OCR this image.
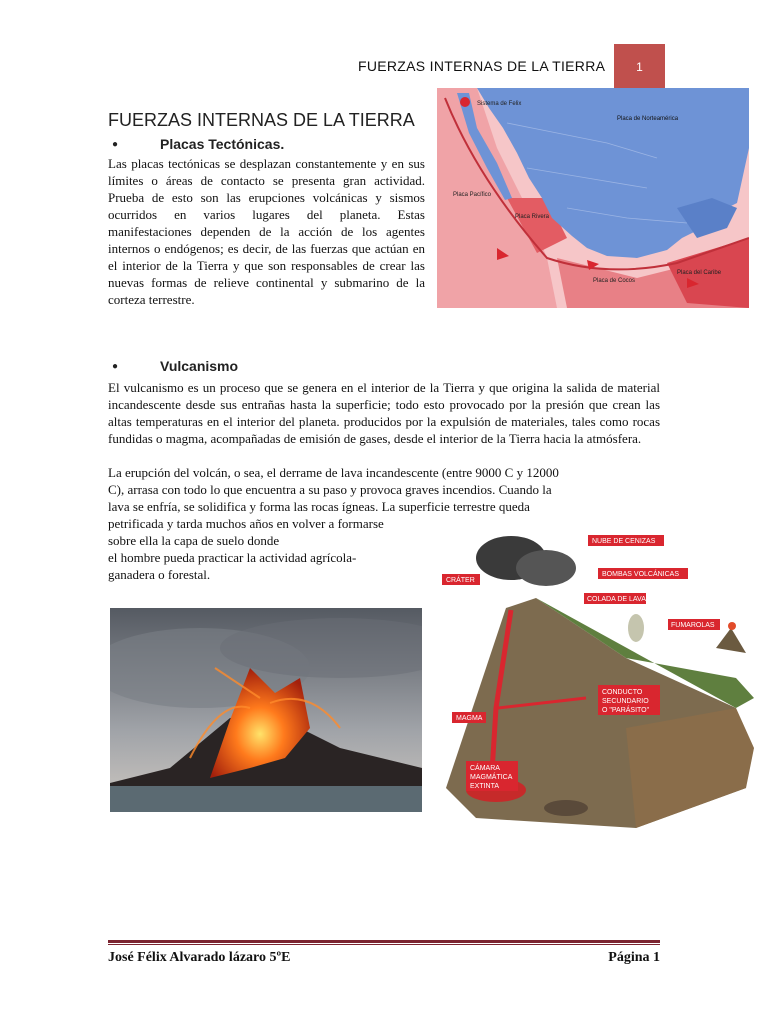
FUERZAS INTERNAS DE LA TIERRA	1
FUERZAS INTERNAS DE LA TIERRA
●	Placas Tectónicas.
Las placas tectónicas se desplazan constantemente y en sus límites o áreas de contacto se presenta gran actividad. Prueba de esto son las erupciones volcánicas y sismos ocurridos en varios lugares del planeta. Estas manifestaciones dependen de la acción de los agentes internos o endógenos; es decir, de las fuerzas que actúan en el interior de la Tierra y que son responsables de crear las nuevas formas de relieve continental y submarino de la corteza terrestre.
Sistema de Felix
Placa de Norteamérica
Placa Pacífico
Placa Rivera
Placa de Cocos
Placa del Caribe
●	Vulcanismo
El vulcanismo es un proceso que se genera en el interior de la Tierra y que origina la salida de material incandescente desde sus entrañas hasta la superficie; todo esto provocado por la presión que crean las altas temperaturas en el interior del planeta. producidos por la expulsión de materiales, tales como rocas fundidas o magma, acompañadas de emisión de gases, desde el interior de la Tierra hacia la atmósfera.
La erupción del volcán, o sea, el derrame de lava incandescente (entre 9000 C y 12000
C), arrasa con todo lo que encuentra a su paso y provoca graves incendios. Cuando la
lava se enfría, se solidifica y forma las rocas ígneas. La superficie terrestre queda
petrificada y tarda muchos años en volver a formarse
sobre ella la capa de suelo donde
el hombre pueda practicar la actividad agrícola-
ganadera o forestal.
NUBE DE CENIZAS
CRÁTER
BOMBAS VOLCÁNICAS
COLADA DE LAVA
FUMAROLAS
CONDUCTO
SECUNDARIO
O "PARÁSITO"
MAGMA
CÁMARA
MAGMÁTICA
EXTINTA
José Félix Alvarado lázaro 5ºE	Página 1
